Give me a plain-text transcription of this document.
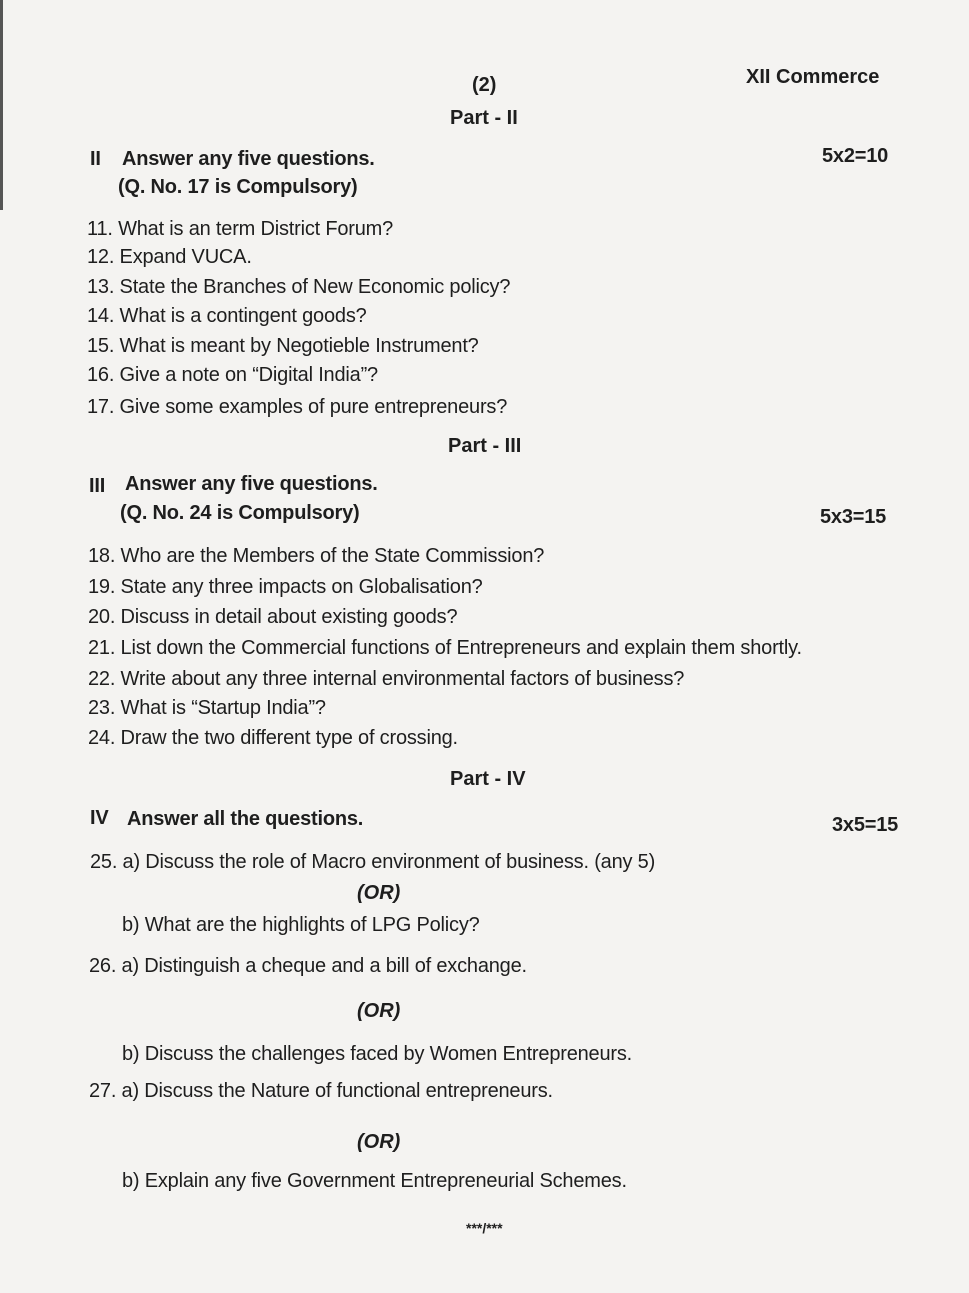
(2)	XII Commerce
Part - II
II Answer any five questions.
(Q. No. 17 is Compulsory)
5x2=10
11. What is an term District Forum?
12. Expand VUCA.
13. State the Branches of New Economic policy?
14. What is a contingent goods?
15. What is meant by Negotieble Instrument?
16. Give a note on “Digital India”?
17. Give some examples of pure entrepreneurs?
Part - III
III Answer any five questions.
(Q. No. 24 is Compulsory)	5x3=15
18. Who are the Members of the State Commission?
19. State any three impacts on Globalisation?
20. Discuss in detail about existing goods?
21. List down the Commercial functions of Entrepreneurs and explain them shortly.
22. Write about any three internal environmental factors of business?
23. What is “Startup India”?
24. Draw the two different type of crossing.
Part - IV
IV Answer all the questions.	3x5=15
25. a) Discuss the role of Macro environment of business. (any 5)
(OR)
b) What are the highlights of LPG Policy?
26. a) Distinguish a cheque and a bill of exchange.
(OR)
b) Discuss the challenges faced by Women Entrepreneurs.
27. a) Discuss the Nature of functional entrepreneurs.
(OR)
b) Explain any five Government Entrepreneurial Schemes.
***/***
